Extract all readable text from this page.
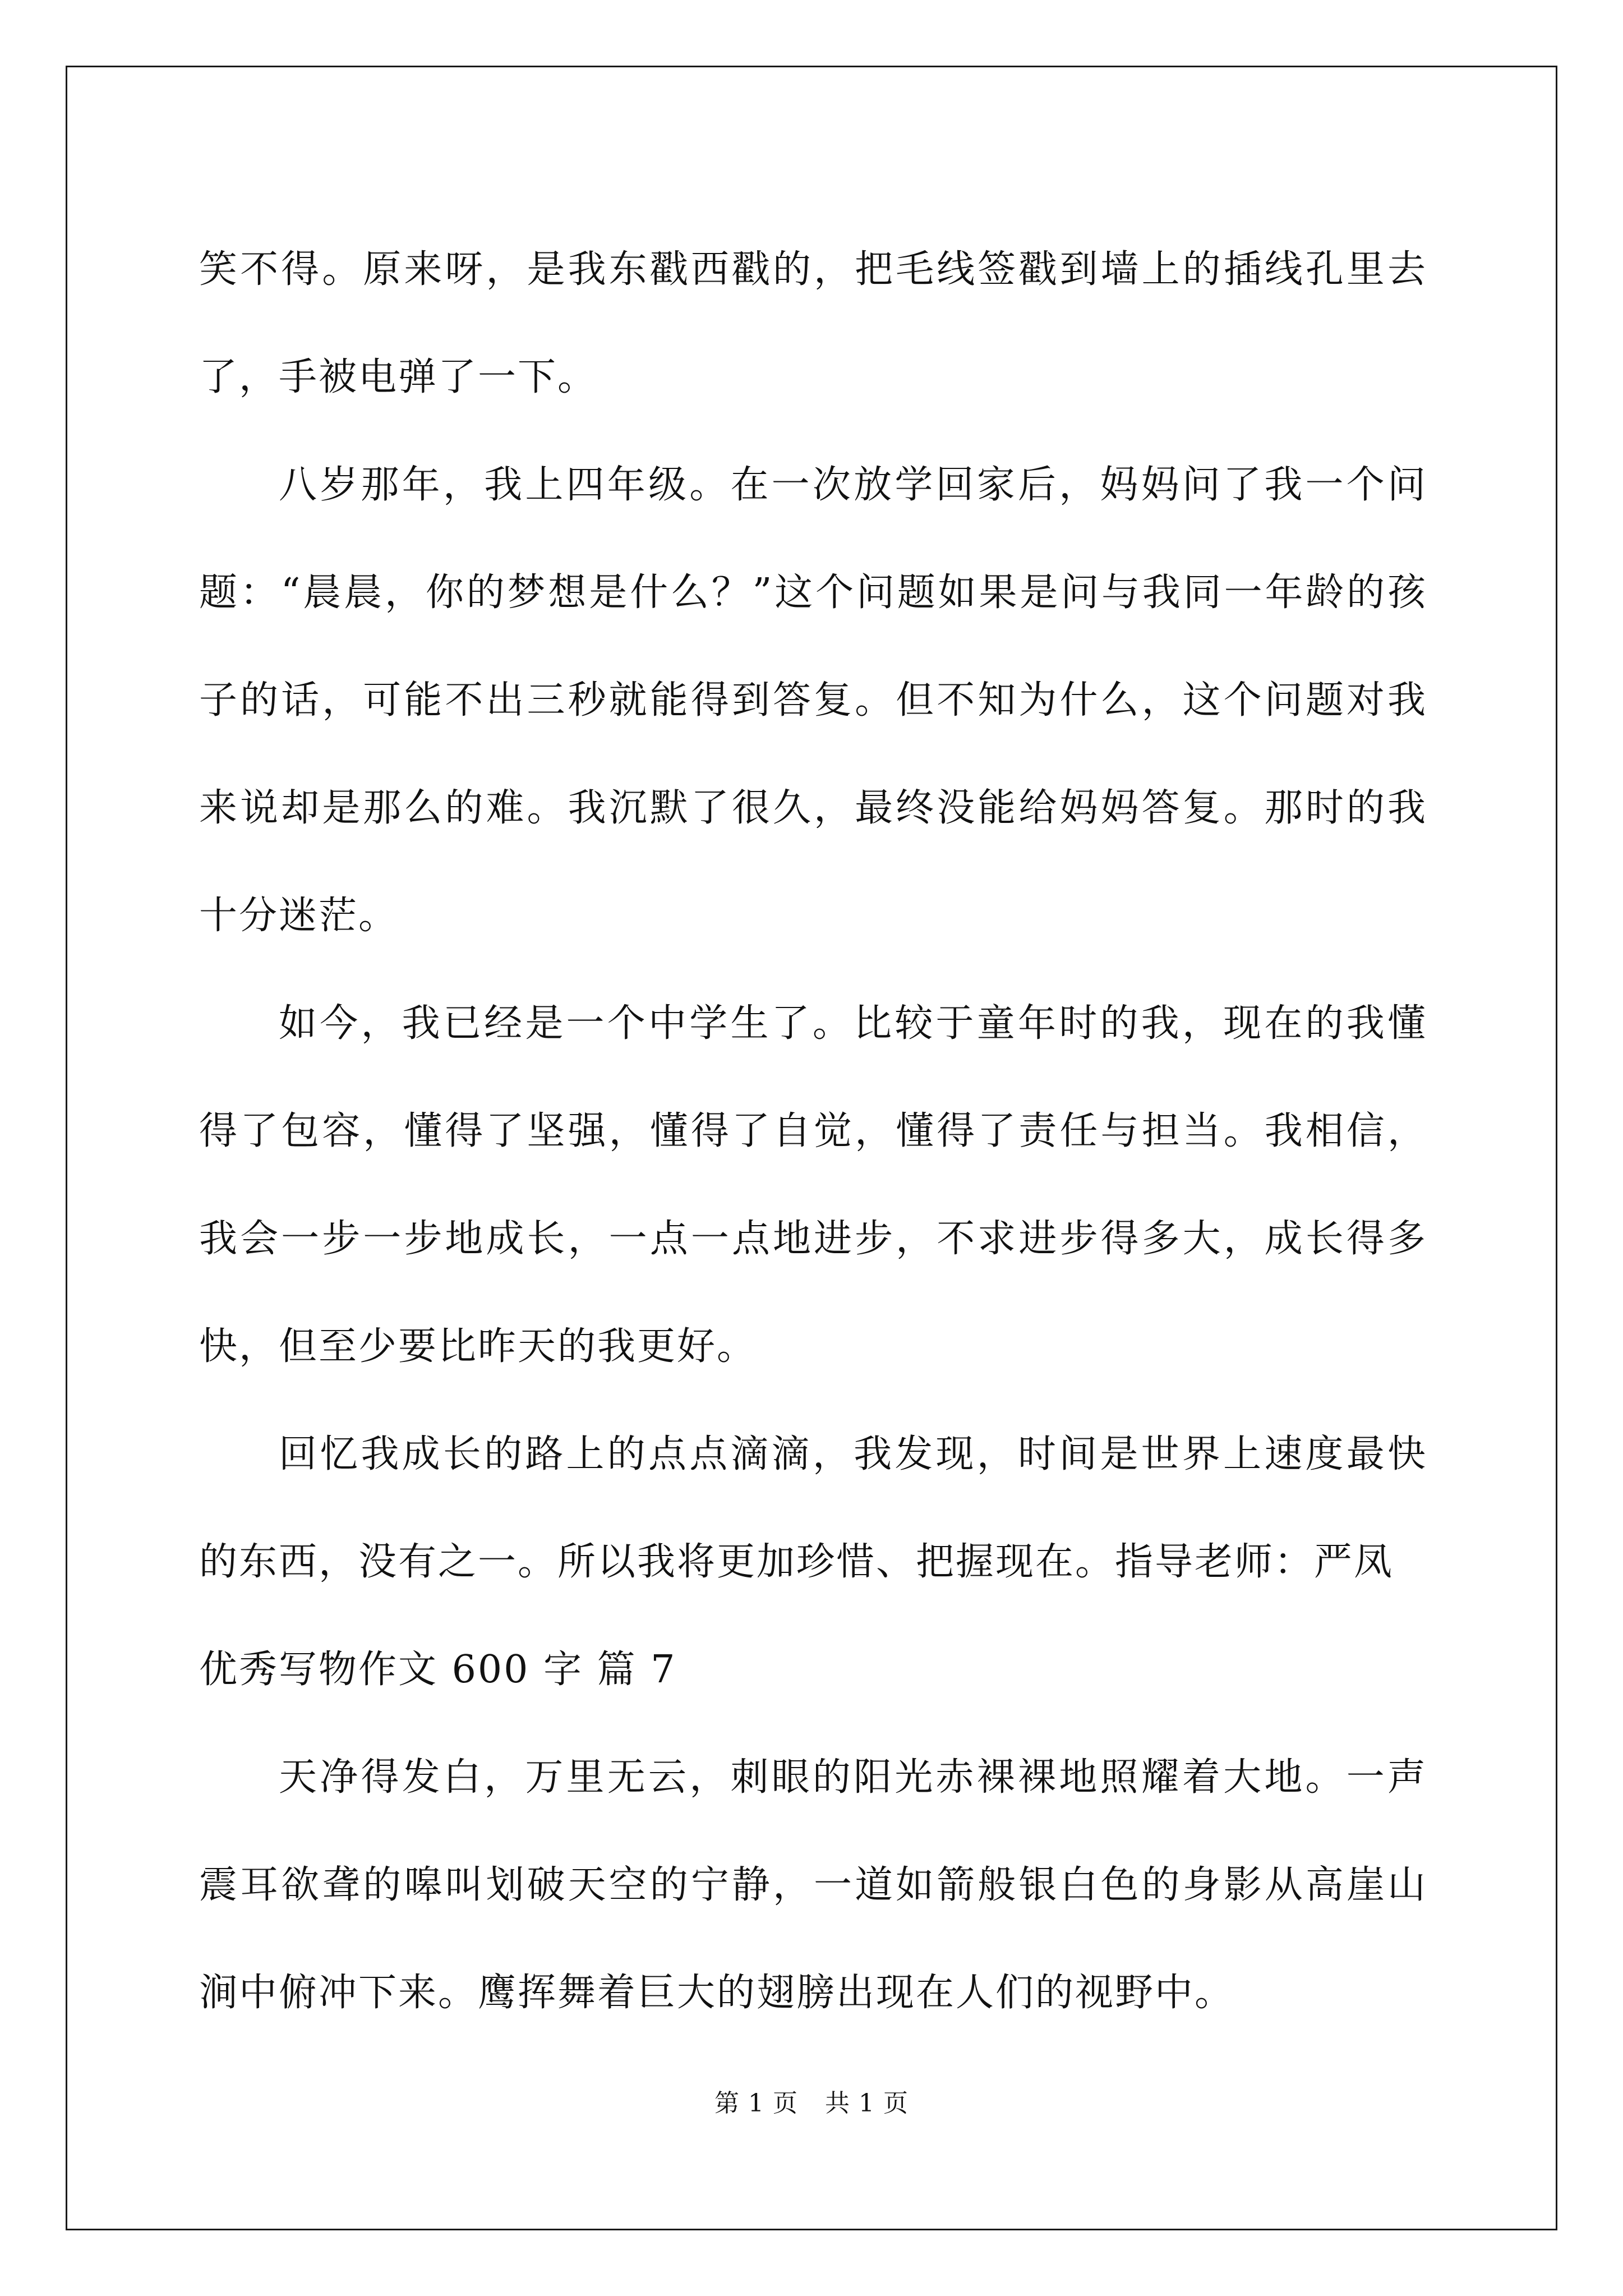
笑不得。原来呀，是我东戳西戳的，把毛线签戳到墙上的插线孔里去了，手被电弹了一下。

八岁那年，我上四年级。在一次放学回家后，妈妈问了我一个问题：“晨晨，你的梦想是什么？”这个问题如果是问与我同一年龄的孩子的话，可能不出三秒就能得到答复。但不知为什么，这个问题对我来说却是那么的难。我沉默了很久，最终没能给妈妈答复。那时的我十分迷茫。

如今，我已经是一个中学生了。比较于童年时的我，现在的我懂得了包容，懂得了坚强，懂得了自觉，懂得了责任与担当。我相信，我会一步一步地成长，一点一点地进步，不求进步得多大，成长得多快，但至少要比昨天的我更好。

回忆我成长的路上的点点滴滴，我发现，时间是世界上速度最快的东西，没有之一。所以我将更加珍惜、把握现在。指导老师：严凤

优秀写物作文 600 字 篇 7

天净得发白，万里无云，刺眼的阳光赤裸裸地照耀着大地。一声震耳欲聋的嗥叫划破天空的宁静，一道如箭般银白色的身影从高崖山涧中俯冲下来。鹰挥舞着巨大的翅膀出现在人们的视野中。

第 1 页 共 1 页
